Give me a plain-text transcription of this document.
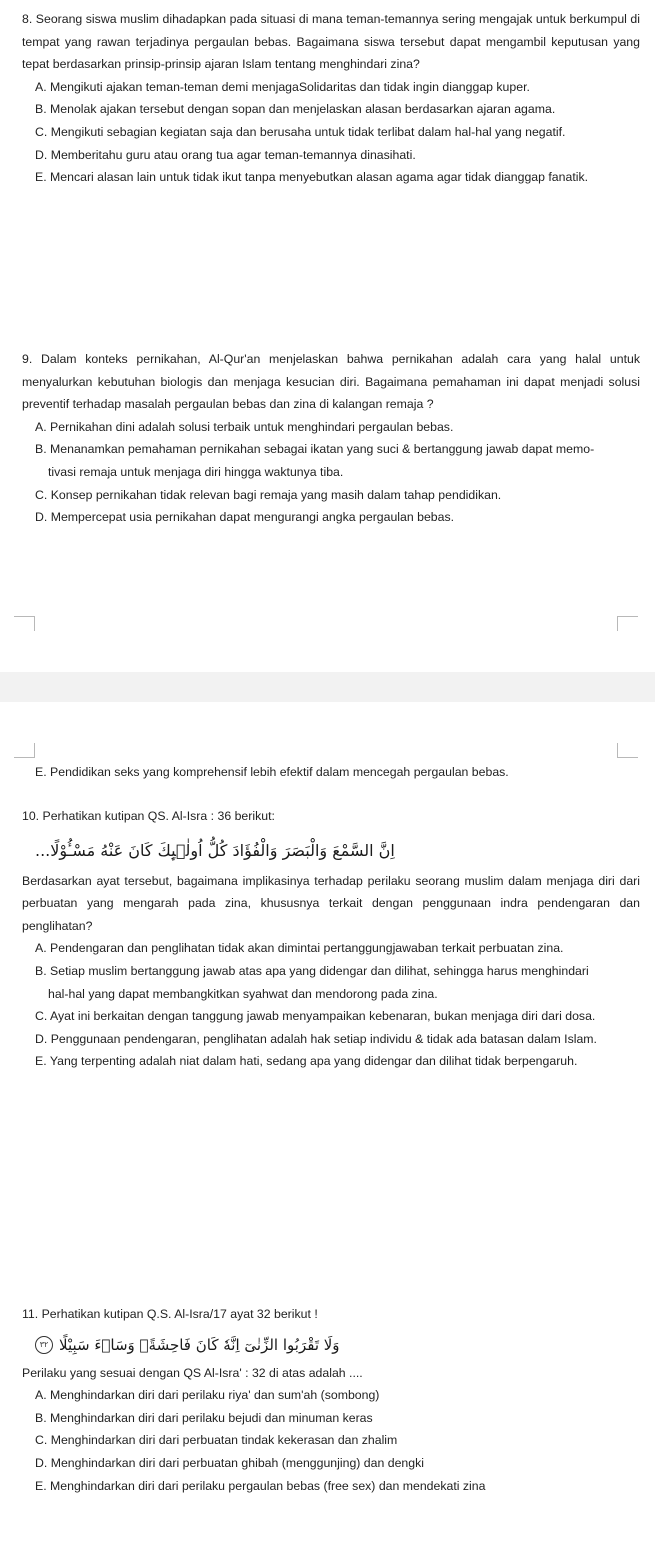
8. Seorang siswa muslim dihadapkan pada situasi di mana teman-temannya sering mengajak untuk berkumpul di tempat yang rawan terjadinya pergaulan bebas. Bagaimana siswa tersebut dapat mengambil keputusan yang tepat berdasarkan prinsip-prinsip ajaran Islam tentang menghindari zina?

A. Mengikuti ajakan teman-teman demi menjagaSolidaritas dan tidak ingin dianggap kuper.

B. Menolak ajakan tersebut dengan sopan dan menjelaskan alasan berdasarkan ajaran agama.

C. Mengikuti sebagian kegiatan saja dan berusaha untuk tidak terlibat dalam hal-hal yang negatif.

D. Memberitahu guru atau orang tua agar teman-temannya dinasihati.

E. Mencari alasan lain untuk tidak ikut tanpa menyebutkan alasan agama agar tidak dianggap fanatik.

9. Dalam konteks pernikahan, Al-Qur'an menjelaskan bahwa pernikahan adalah cara yang halal untuk menyalurkan kebutuhan biologis dan menjaga kesucian diri. Bagaimana pemahaman ini dapat menjadi solusi preventif terhadap masalah pergaulan bebas dan zina di kalangan remaja ?

A. Pernikahan dini adalah solusi terbaik untuk menghindari pergaulan bebas.

B. Menanamkan pemahaman pernikahan sebagai ikatan yang suci & bertanggung jawab dapat memo-

tivasi remaja untuk menjaga diri hingga waktunya tiba.

C. Konsep pernikahan tidak relevan bagi remaja yang masih dalam tahap pendidikan.

D. Mempercepat usia pernikahan dapat mengurangi angka pergaulan bebas.

E. Pendidikan seks yang komprehensif lebih efektif dalam mencegah pergaulan bebas.

10. Perhatikan kutipan QS. Al-Isra : 36 berikut:

اِنَّ السَّمْعَ وَالْبَصَرَ وَالْفُؤَادَ كُلُّ اُولٰۤىِٕكَ كَانَ عَنْهُ مَسْـُٔوْلًا...

Berdasarkan ayat tersebut, bagaimana implikasinya terhadap perilaku seorang muslim dalam menjaga diri dari perbuatan yang mengarah pada zina, khususnya terkait dengan penggunaan indra pendengaran dan penglihatan?

A. Pendengaran dan penglihatan tidak akan dimintai pertanggungjawaban terkait perbuatan zina.

B. Setiap muslim bertanggung jawab atas apa yang didengar dan dilihat, sehingga harus menghindari

hal-hal yang dapat membangkitkan syahwat dan mendorong pada zina.

C. Ayat ini berkaitan dengan tanggung jawab menyampaikan kebenaran, bukan menjaga diri dari dosa.

D. Penggunaan pendengaran, penglihatan adalah hak setiap individu & tidak ada batasan dalam Islam.

E. Yang terpenting adalah niat dalam hati, sedang apa yang didengar dan dilihat tidak berpengaruh.

11. Perhatikan kutipan Q.S. Al-Isra/17 ayat 32 berikut !

٣٢ وَلَا تَقْرَبُوا الزِّنٰىٓ اِنَّهٗ كَانَ فَاحِشَةًۗ وَسَاۤءَ سَبِيْلًا

Perilaku yang sesuai dengan QS Al-Isra' : 32 di atas adalah ....

A. Menghindarkan diri dari perilaku riya' dan sum'ah (sombong)

B. Menghindarkan diri dari perilaku bejudi dan minuman keras

C. Menghindarkan diri dari perbuatan tindak kekerasan dan zhalim

D. Menghindarkan diri dari perbuatan ghibah (menggunjing) dan dengki

E. Menghindarkan diri dari perilaku pergaulan bebas (free sex) dan mendekati zina
